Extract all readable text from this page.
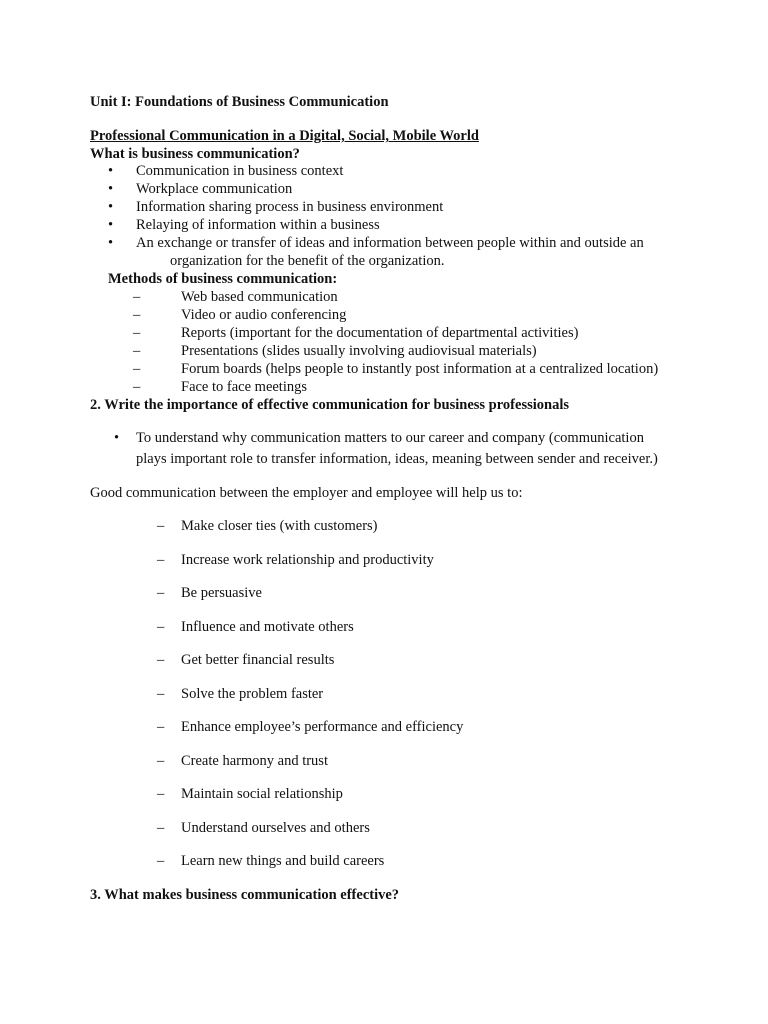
Unit I: Foundations of Business Communication
Professional Communication in a Digital, Social, Mobile World
What is business communication?
• Communication in business context
• Workplace communication
• Information sharing process in business environment
• Relaying of information within a business
• An exchange or transfer of ideas and information between people within and outside an
organization for the benefit of the organization.
Methods of business communication:
–	Web based communication
–	Video or audio conferencing
–	Reports (important for the documentation of departmental activities)
–	Presentations (slides usually involving audiovisual materials)
–	Forum boards (helps people to instantly post information at a centralized location)
–	Face to face meetings
2. Write the importance of effective communication for business professionals
• To understand why communication matters to our career and company (communication
plays important role to transfer information, ideas, meaning between sender and receiver.)
Good communication between the employer and employee will help us to:
– Make closer ties (with customers)
– Increase work relationship and productivity
– Be persuasive
– Influence and motivate others
– Get better financial results
– Solve the problem faster
– Enhance employee’s performance and efficiency
– Create harmony and trust
– Maintain social relationship
– Understand ourselves and others
– Learn new things and build careers
3. What makes business communication effective?
